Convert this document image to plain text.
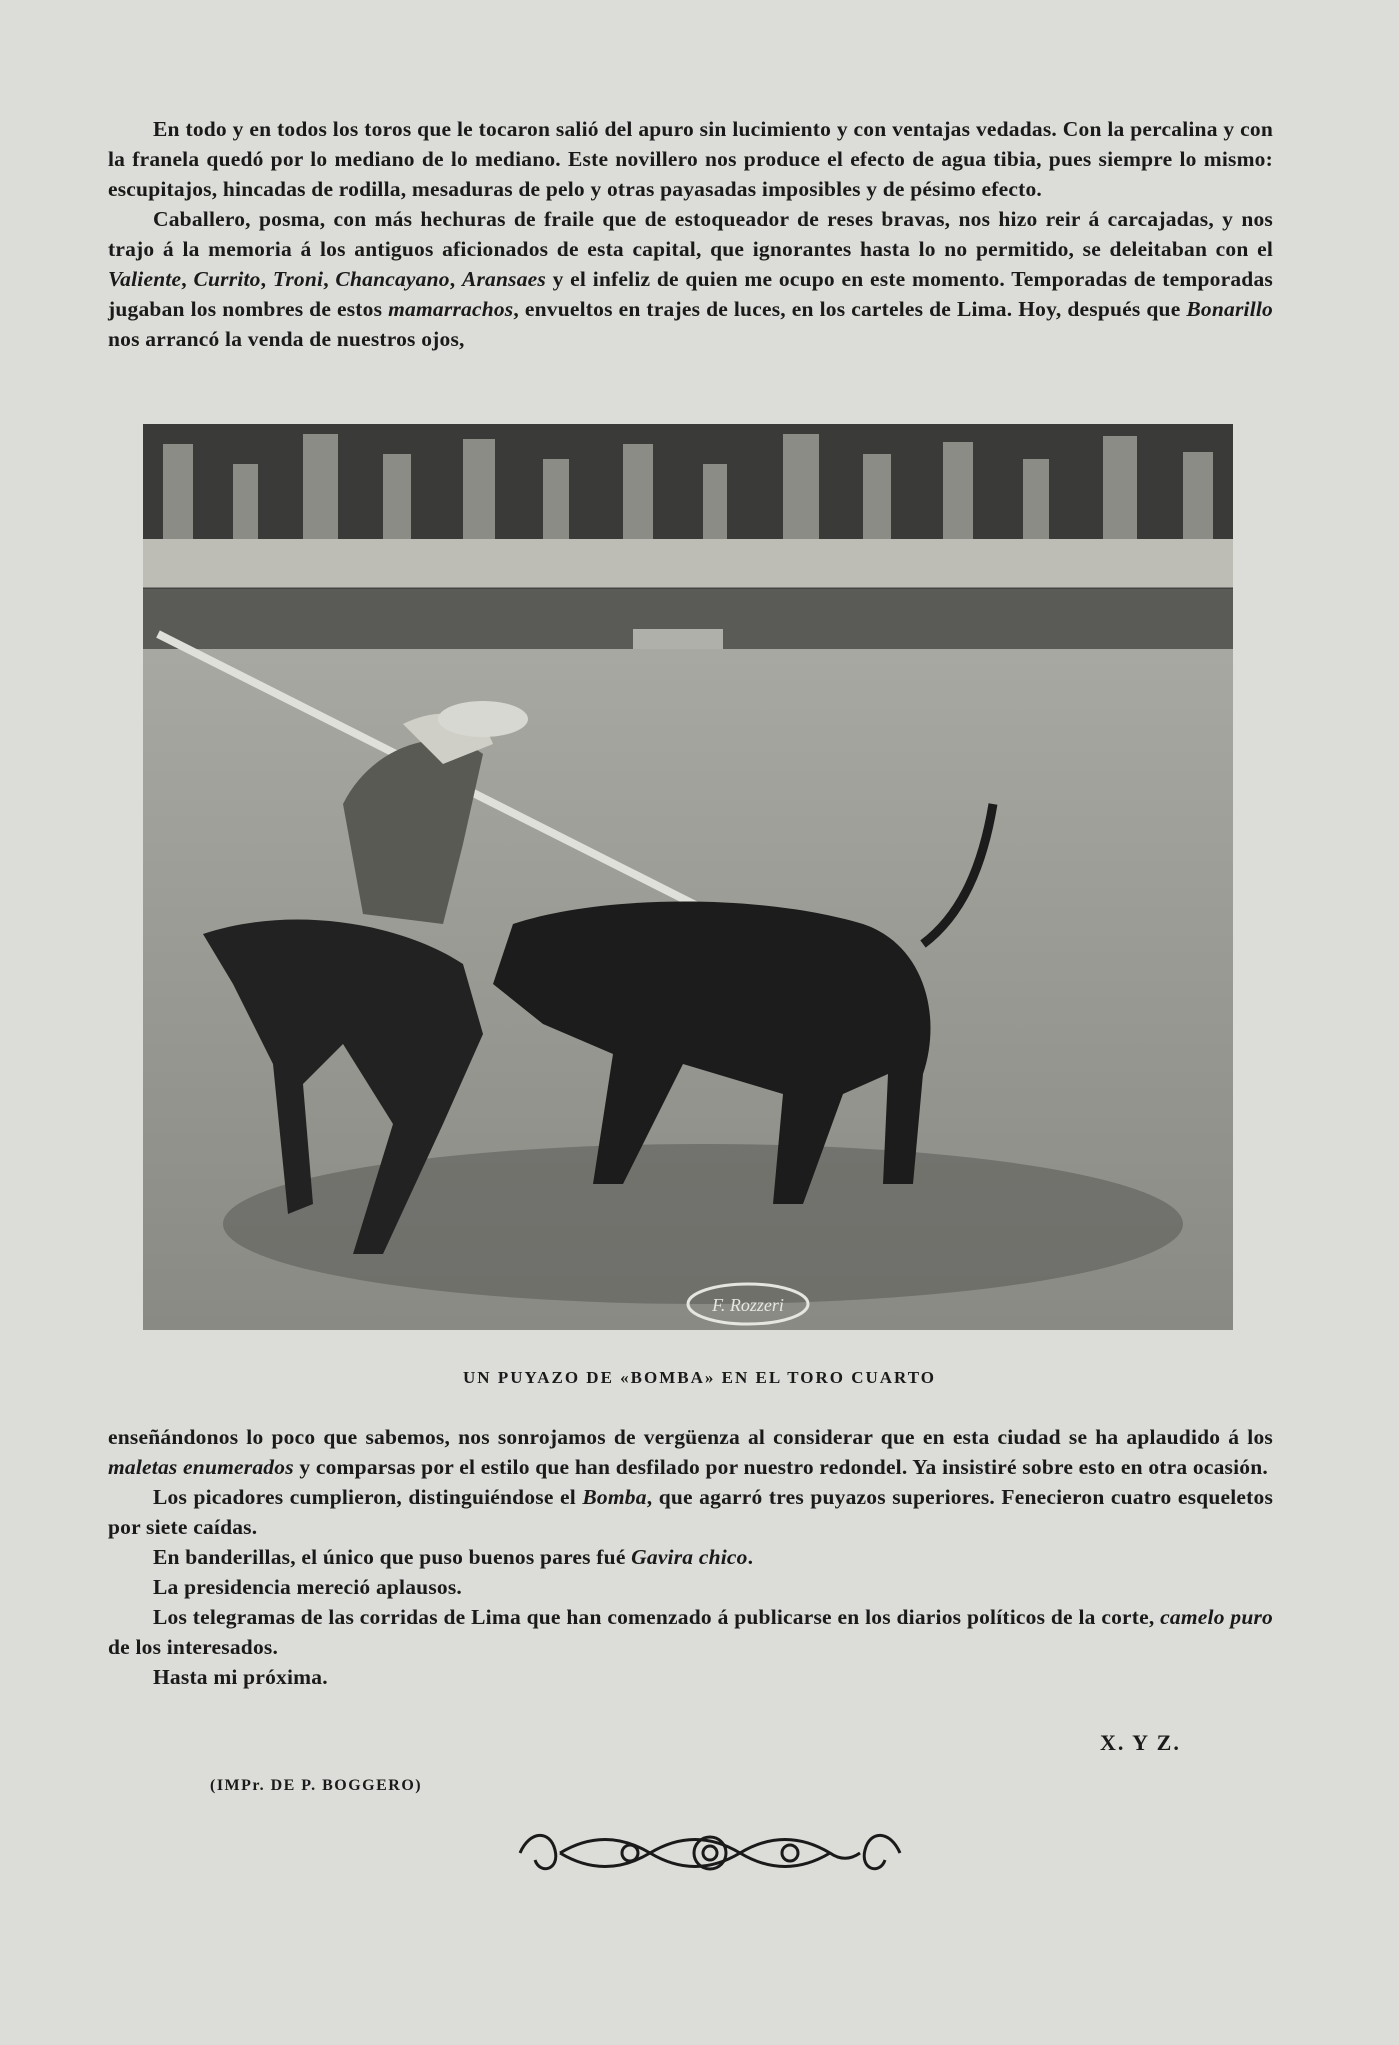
En todo y en todos los toros que le tocaron salió del apuro sin lucimiento y con ventajas vedadas. Con la percalina y con la franela quedó por lo mediano de lo mediano. Este novillero nos produce el efecto de agua tibia, pues siempre lo mismo: escupitajos, hincadas de rodilla, mesaduras de pelo y otras payasadas imposibles y de pésimo efecto.

Caballero, posma, con más hechuras de fraile que de estoqueador de reses bravas, nos hizo reir á carcajadas, y nos trajo á la memoria á los antiguos aficionados de esta capital, que ignorantes hasta lo no permitido, se deleitaban con el Valiente, Currito, Troni, Chancayano, Aransaes y el infeliz de quien me ocupo en este momento. Temporadas de temporadas jugaban los nombres de estos mamarrachos, envueltos en trajes de luces, en los carteles de Lima. Hoy, después que Bonarillo nos arrancó la venda de nuestros ojos,

F. Rozzeri
UN PUYAZO DE «BOMBA» EN EL TORO CUARTO

enseñándonos lo poco que sabemos, nos sonrojamos de vergüenza al considerar que en esta ciudad se ha aplaudido á los maletas enumerados y comparsas por el estilo que han desfilado por nuestro redondel. Ya insistiré sobre esto en otra ocasión.

Los picadores cumplieron, distinguiéndose el Bomba, que agarró tres puyazos superiores. Fenecieron cuatro esqueletos por siete caídas.

En banderillas, el único que puso buenos pares fué Gavira chico.

La presidencia mereció aplausos.

Los telegramas de las corridas de Lima que han comenzado á publicarse en los diarios políticos de la corte, camelo puro de los interesados.

Hasta mi próxima.

X. Y Z.
(IMPr. DE P. BOGGERO)
